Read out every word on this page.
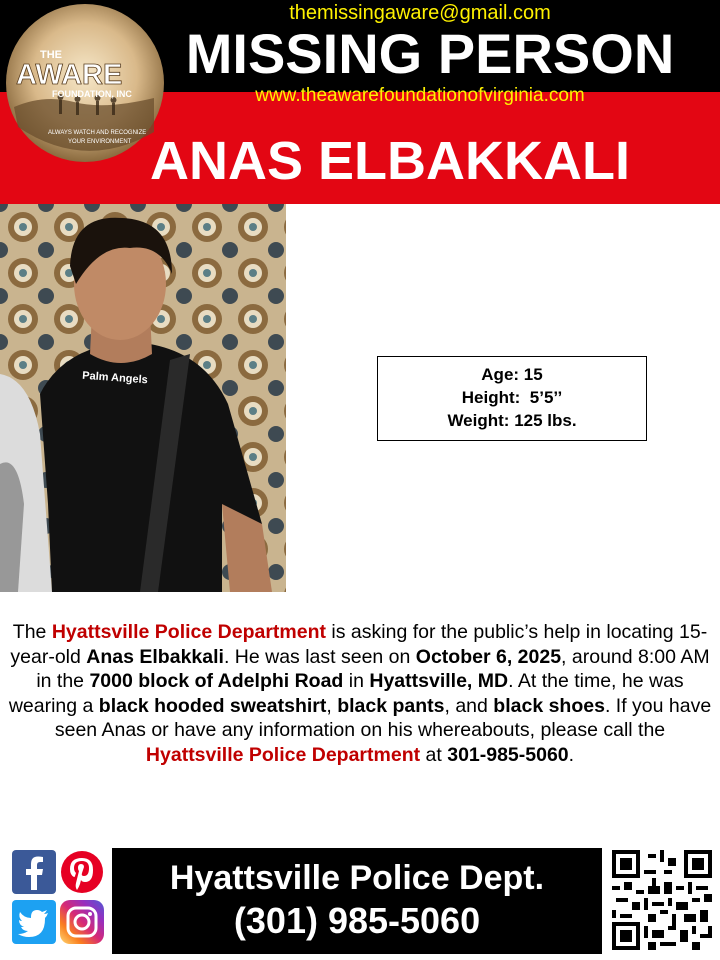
themissingaware@gmail.com
MISSING PERSON
www.theawarefoundationofvirginia.com
ANAS ELBAKKALI
THE
AWARE
FOUNDATION, INC
ALWAYS WATCH AND RECOGNIZE
YOUR ENVIRONMENT
Palm Angels	Age: 15
Height: 5’5’’
Weight: 125 lbs.
The Hyattsville Police Department is asking for the public’s help in locating 15-year-old Anas Elbakkali. He was last seen on October 6, 2025, around 8:00 AM in the 7000 block of Adelphi Road in Hyattsville, MD. At the time, he was wearing a black hooded sweatshirt, black pants, and black shoes. If you have seen Anas or have any information on his whereabouts, please call the Hyattsville Police Department at 301-985-5060.
Hyattsville Police Dept.
(301) 985-5060
